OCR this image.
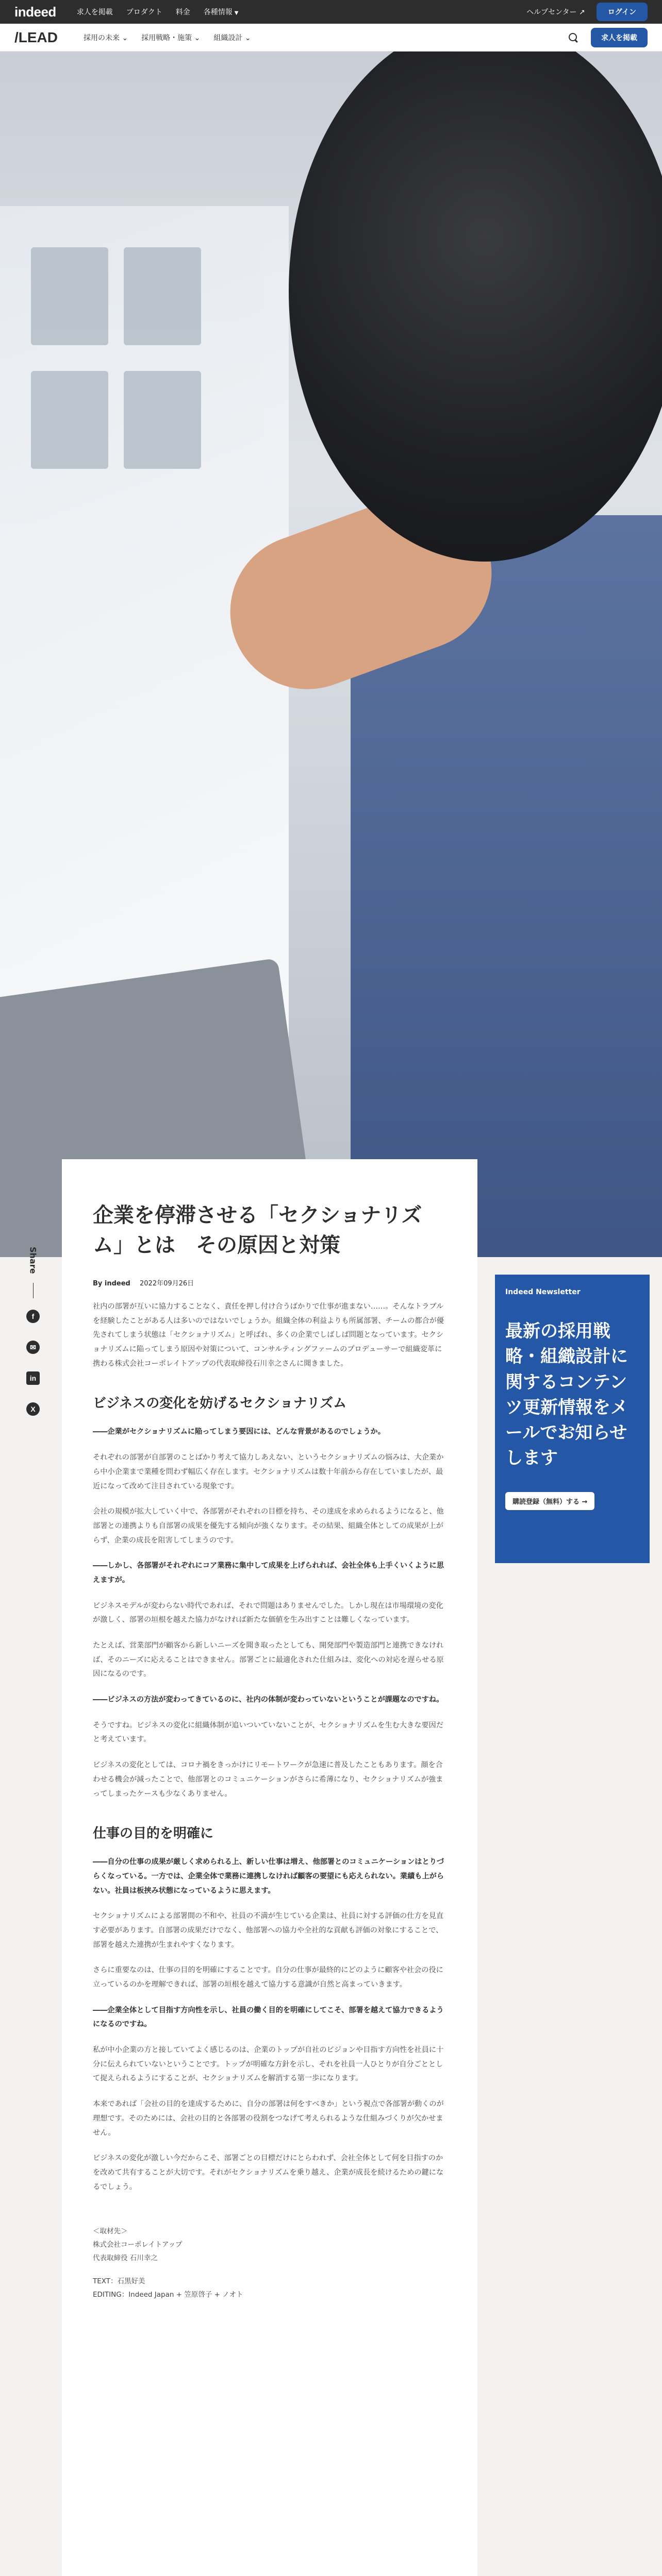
indeed	求人を掲載 プロダクト 料金 各種情報 ▼	ヘルプセンター ↗	ログイン
/LEAD	採用の未来 ⌄ 採用戦略・施策 ⌄ 組織設計 ⌄	求人を掲載
Share
f
✉
in
X
企業を停滞させる「セクショナリズム」とは　その原因と対策
By indeed 2022年09月26日

社内の部署が互いに協力することなく、責任を押し付け合うばかりで仕事が進まない……。そんなトラブルを経験したことがある人は多いのではないでしょうか。組織全体の利益よりも所属部署、チームの都合が優先されてしまう状態は「セクショナリズム」と呼ばれ、多くの企業でしばしば問題となっています。セクショナリズムに陥ってしまう原因や対策について、コンサルティングファームのプロデューサーで組織変革に携わる株式会社コーポレイトアップの代表取締役石川幸之さんに聞きました。

ビジネスの変化を妨げるセクショナリズム

――企業がセクショナリズムに陥ってしまう要因には、どんな背景があるのでしょうか。

それぞれの部署が自部署のことばかり考えて協力しあえない、というセクショナリズムの悩みは、大企業から中小企業まで業種を問わず幅広く存在します。セクショナリズムは数十年前から存在していましたが、最近になって改めて注目されている現象です。

会社の規模が拡大していく中で、各部署がそれぞれの目標を持ち、その達成を求められるようになると、他部署との連携よりも自部署の成果を優先する傾向が強くなります。その結果、組織全体としての成果が上がらず、企業の成長を阻害してしまうのです。

――しかし、各部署がそれぞれにコア業務に集中して成果を上げられれば、会社全体も上手くいくように思えますが。

ビジネスモデルが変わらない時代であれば、それで問題はありませんでした。しかし現在は市場環境の変化が激しく、部署の垣根を越えた協力がなければ新たな価値を生み出すことは難しくなっています。

たとえば、営業部門が顧客から新しいニーズを聞き取ったとしても、開発部門や製造部門と連携できなければ、そのニーズに応えることはできません。部署ごとに最適化された仕組みは、変化への対応を遅らせる原因になるのです。

――ビジネスの方法が変わってきているのに、社内の体制が変わっていないということが課題なのですね。

そうですね。ビジネスの変化に組織体制が追いついていないことが、セクショナリズムを生む大きな要因だと考えています。

ビジネスの変化としては、コロナ禍をきっかけにリモートワークが急速に普及したこともあります。顔を合わせる機会が減ったことで、他部署とのコミュニケーションがさらに希薄になり、セクショナリズムが強まってしまったケースも少なくありません。

仕事の目的を明確に

――自分の仕事の成果が厳しく求められる上、新しい仕事は増え、他部署とのコミュニケーションはとりづらくなっている。一方では、企業全体で業務に連携しなければ顧客の要望にも応えられない。業績も上がらない。社員は板挟み状態になっているように思えます。

セクショナリズムによる部署間の不和や、社員の不満が生じている企業は、社員に対する評価の仕方を見直す必要があります。自部署の成果だけでなく、他部署への協力や全社的な貢献も評価の対象にすることで、部署を越えた連携が生まれやすくなります。

さらに重要なのは、仕事の目的を明確にすることです。自分の仕事が最終的にどのように顧客や社会の役に立っているのかを理解できれば、部署の垣根を越えて協力する意識が自然と高まっていきます。

――企業全体として目指す方向性を示し、社員の働く目的を明確にしてこそ、部署を越えて協力できるようになるのですね。

私が中小企業の方と接していてよく感じるのは、企業のトップが自社のビジョンや目指す方向性を社員に十分に伝えられていないということです。トップが明確な方針を示し、それを社員一人ひとりが自分ごととして捉えられるようにすることが、セクショナリズムを解消する第一歩になります。

本来であれば「会社の目的を達成するために、自分の部署は何をすべきか」という視点で各部署が動くのが理想です。そのためには、会社の目的と各部署の役割をつなげて考えられるような仕組みづくりが欠かせません。

ビジネスの変化が激しい今だからこそ、部署ごとの目標だけにとらわれず、会社全体として何を目指すのかを改めて共有することが大切です。それがセクショナリズムを乗り越え、企業が成長を続けるための鍵になるでしょう。

＜取材先＞
株式会社コーポレイトアップ
代表取締役 石川幸之
TEXT：石黒好美
EDITING：Indeed Japan + 笠原啓子 + ノオト
Indeed Newsletter
最新の採用戦略・組織設計に関するコンテンツ更新情報をメールでお知らせします
購読登録（無料）する →
